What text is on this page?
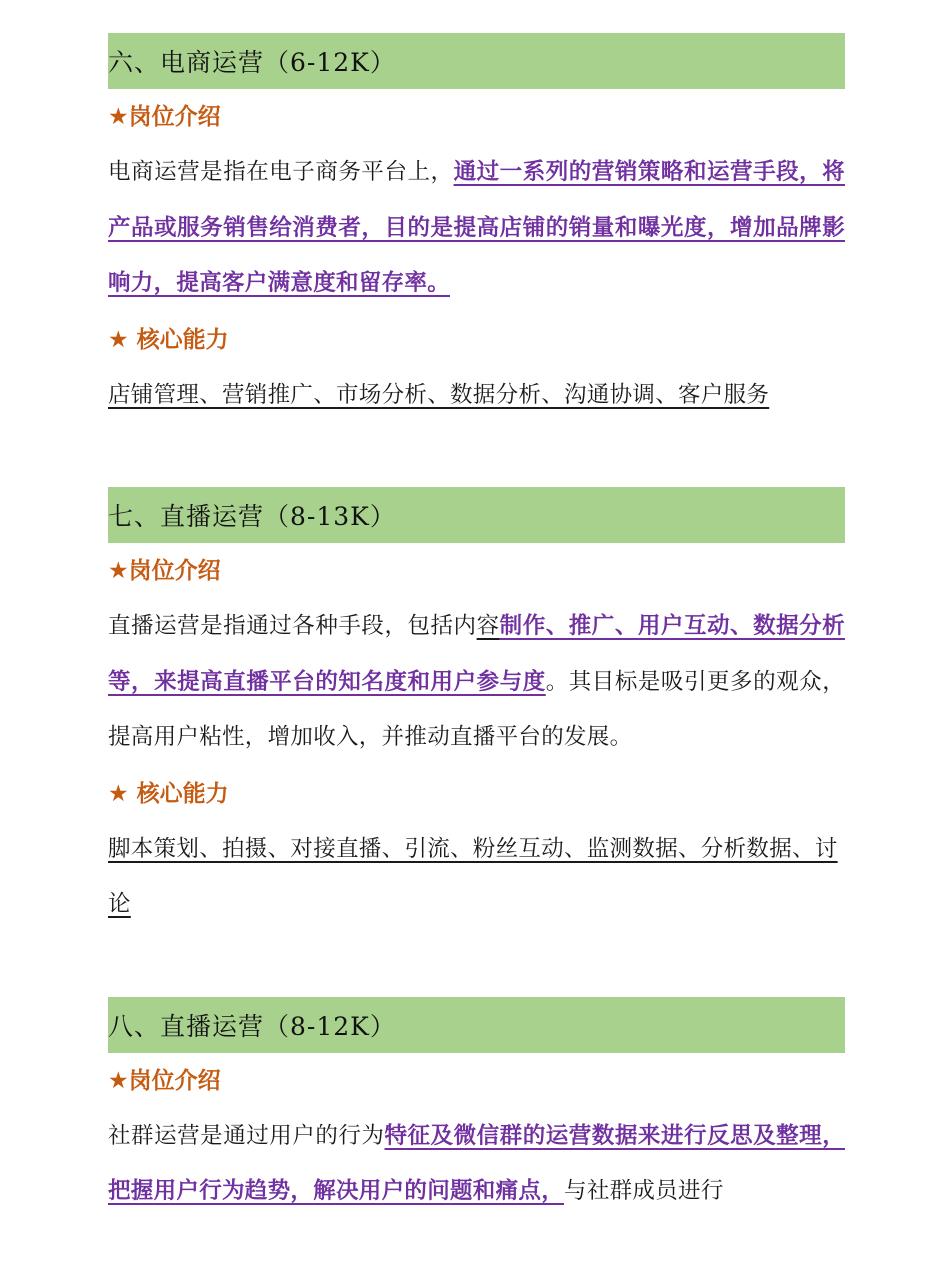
六、电商运营（6-12K）
★岗位介绍
电商运营是指在电子商务平台上，通过一系列的营销策略和运营手段，将产品或服务销售给消费者，目的是提高店铺的销量和曝光度，增加品牌影响力，提高客户满意度和留存率。
★ 核心能力
店铺管理、营销推广、市场分析、数据分析、沟通协调、客户服务
七、直播运营（8-13K）
★岗位介绍
直播运营是指通过各种手段，包括内容制作、推广、用户互动、数据分析等，来提高直播平台的知名度和用户参与度。其目标是吸引更多的观众，提高用户粘性，增加收入，并推动直播平台的发展。
★ 核心能力
脚本策划、拍摄、对接直播、引流、粉丝互动、监测数据、分析数据、讨论
八、直播运营（8-12K）
★岗位介绍
社群运营是通过用户的行为特征及微信群的运营数据来进行反思及整理，把握用户行为趋势，解决用户的问题和痛点，与社群成员进行
